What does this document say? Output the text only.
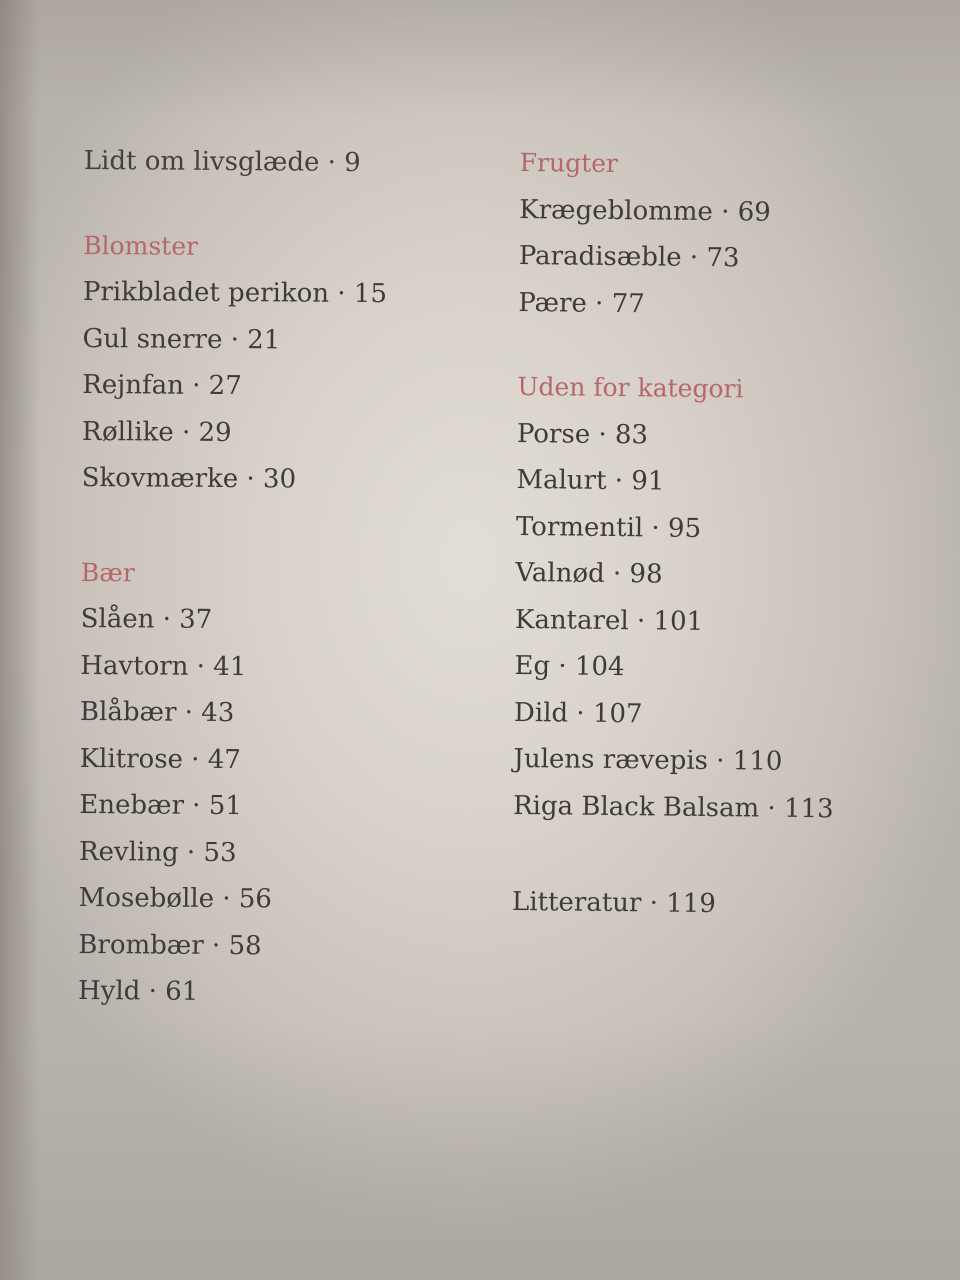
Lidt om livsglæde · 9
Blomster
Prikbladet perikon · 15
Gul snerre · 21
Rejnfan · 27
Røllike · 29
Skovmærke · 30
Bær
Slåen · 37
Havtorn · 41
Blåbær · 43
Klitrose · 47
Enebær · 51
Revling · 53
Mosebølle · 56
Brombær · 58
Hyld · 61
Frugter
Krægeblomme · 69
Paradisæble · 73
Pære · 77
Uden for kategori
Porse · 83
Malurt · 91
Tormentil · 95
Valnød · 98
Kantarel · 101
Eg · 104
Dild · 107
Julens rævepis · 110
Riga Black Balsam · 113
Litteratur · 119
